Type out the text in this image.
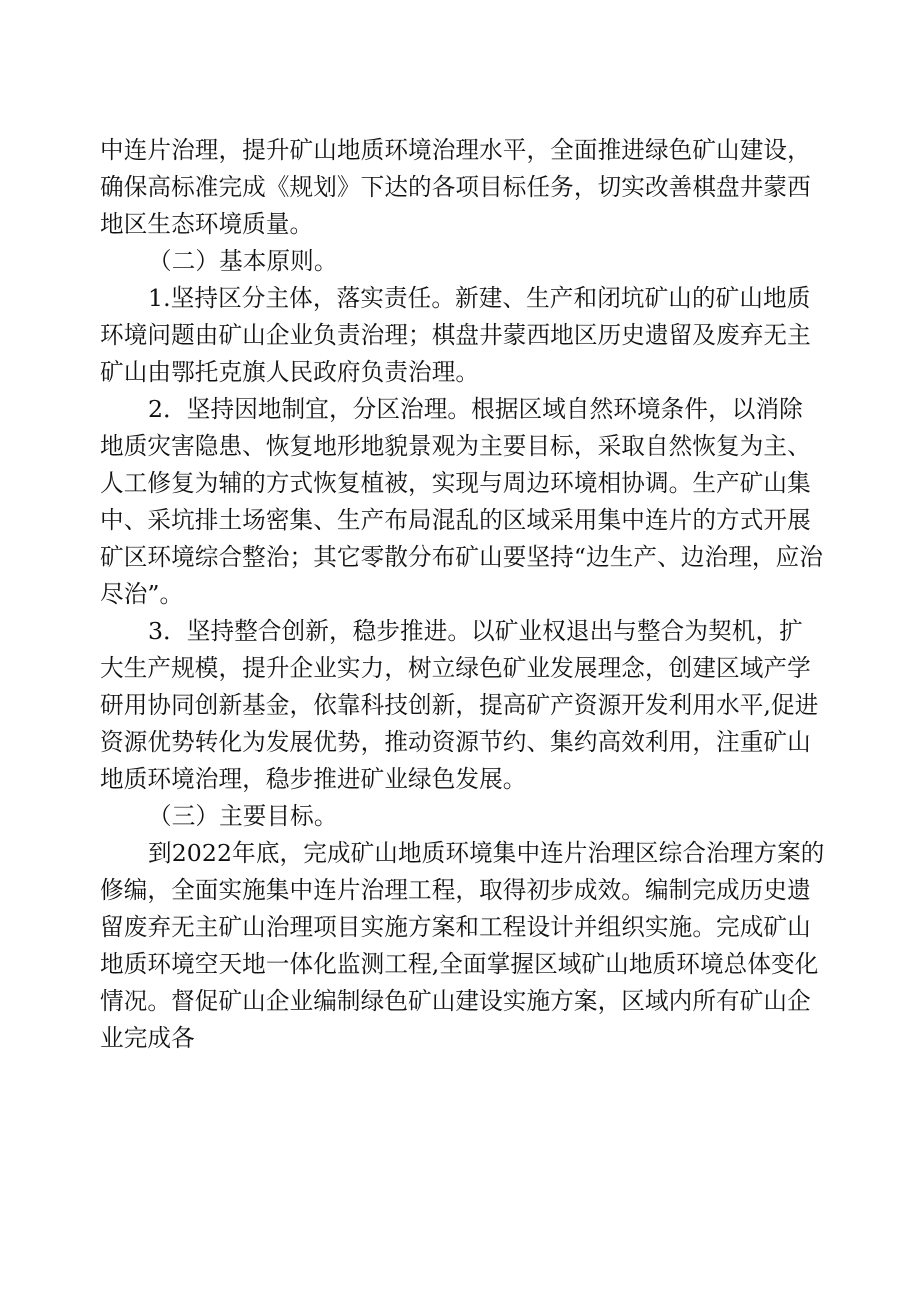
中连片治理，提升矿山地质环境治理水平，全面推进绿色矿山建设，确保高标准完成《规划》下达的各项目标任务，切实改善棋盘井蒙西地区生态环境质量。

（二）基本原则。

1.坚持区分主体，落实责任。新建、生产和闭坑矿山的矿山地质环境问题由矿山企业负责治理；棋盘井蒙西地区历史遗留及废弃无主矿山由鄂托克旗人民政府负责治理。

2．坚持因地制宜，分区治理。根据区域自然环境条件，以消除地质灾害隐患、恢复地形地貌景观为主要目标，采取自然恢复为主、人工修复为辅的方式恢复植被，实现与周边环境相协调。生产矿山集中、采坑排土场密集、生产布局混乱的区域采用集中连片的方式开展矿区环境综合整治；其它零散分布矿山要坚持“边生产、边治理，应治尽治”。

3．坚持整合创新，稳步推进。以矿业权退出与整合为契机，扩大生产规模，提升企业实力，树立绿色矿业发展理念，创建区域产学研用协同创新基金，依靠科技创新，提高矿产资源开发利用水平,促进资源优势转化为发展优势，推动资源节约、集约高效利用，注重矿山地质环境治理，稳步推进矿业绿色发展。

（三）主要目标。

到2022年底，完成矿山地质环境集中连片治理区综合治理方案的修编，全面实施集中连片治理工程，取得初步成效。编制完成历史遗留废弃无主矿山治理项目实施方案和工程设计并组织实施。完成矿山地质环境空天地一体化监测工程,全面掌握区域矿山地质环境总体变化情况。督促矿山企业编制绿色矿山建设实施方案，区域内所有矿山企业完成各
